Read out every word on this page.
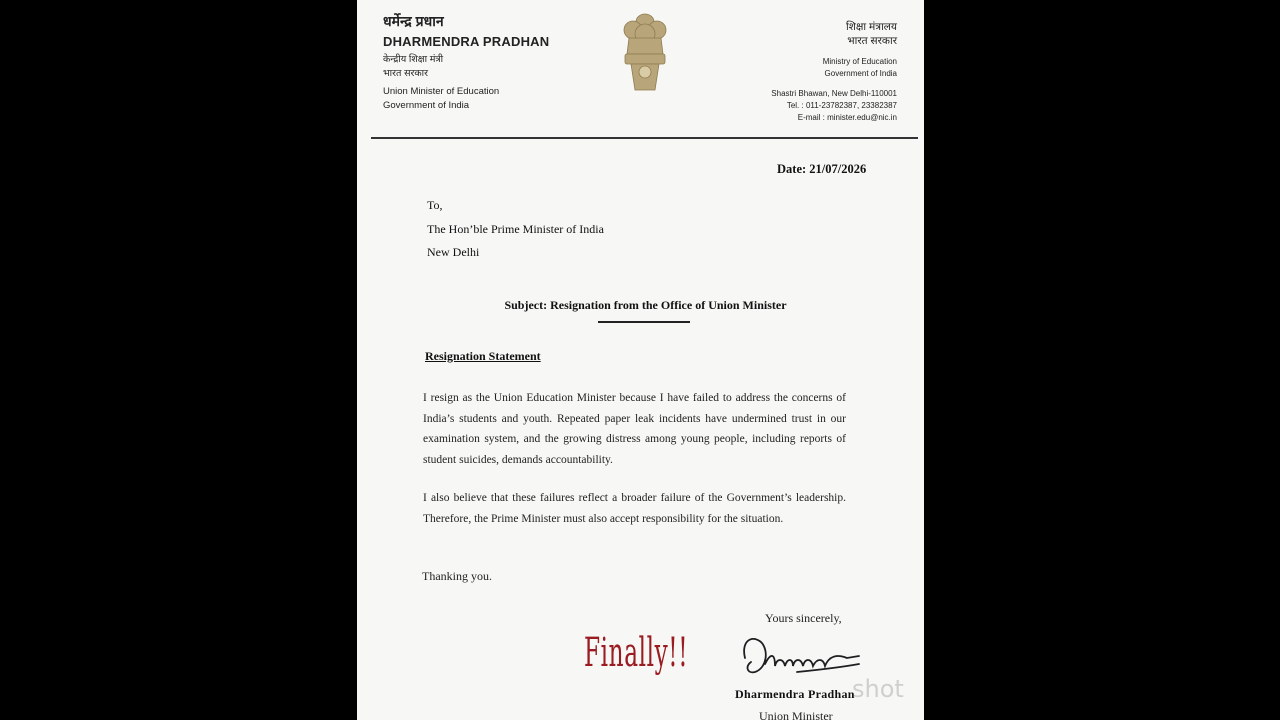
धर्मेन्द्र प्रधान
DHARMENDRA PRADHAN
केन्द्रीय शिक्षा मंत्री
भारत सरकार
Union Minister of Education
Government of India
शिक्षा मंत्रालय
भारत सरकार
Ministry of Education
Government of India
Shastri Bhawan, New Delhi-110001
Tel. : 011-23782387, 23382387
E-mail : minister.edu@nic.in
Date: 21/07/2026
To,
The Hon’ble Prime Minister of India
New Delhi
Subject: Resignation from the Office of Union Minister
Resignation Statement
I resign as the Union Education Minister because I have failed to address the concerns of India’s students and youth. Repeated paper leak incidents have undermined trust in our examination system, and the growing distress among young people, including reports of student suicides, demands accountability.
I also believe that these failures reflect a broader failure of the Government’s leadership. Therefore, the Prime Minister must also accept responsibility for the situation.
Thanking you.
Yours sincerely,
Finally!!
shot
Dharmendra Pradhan
Union Minister
